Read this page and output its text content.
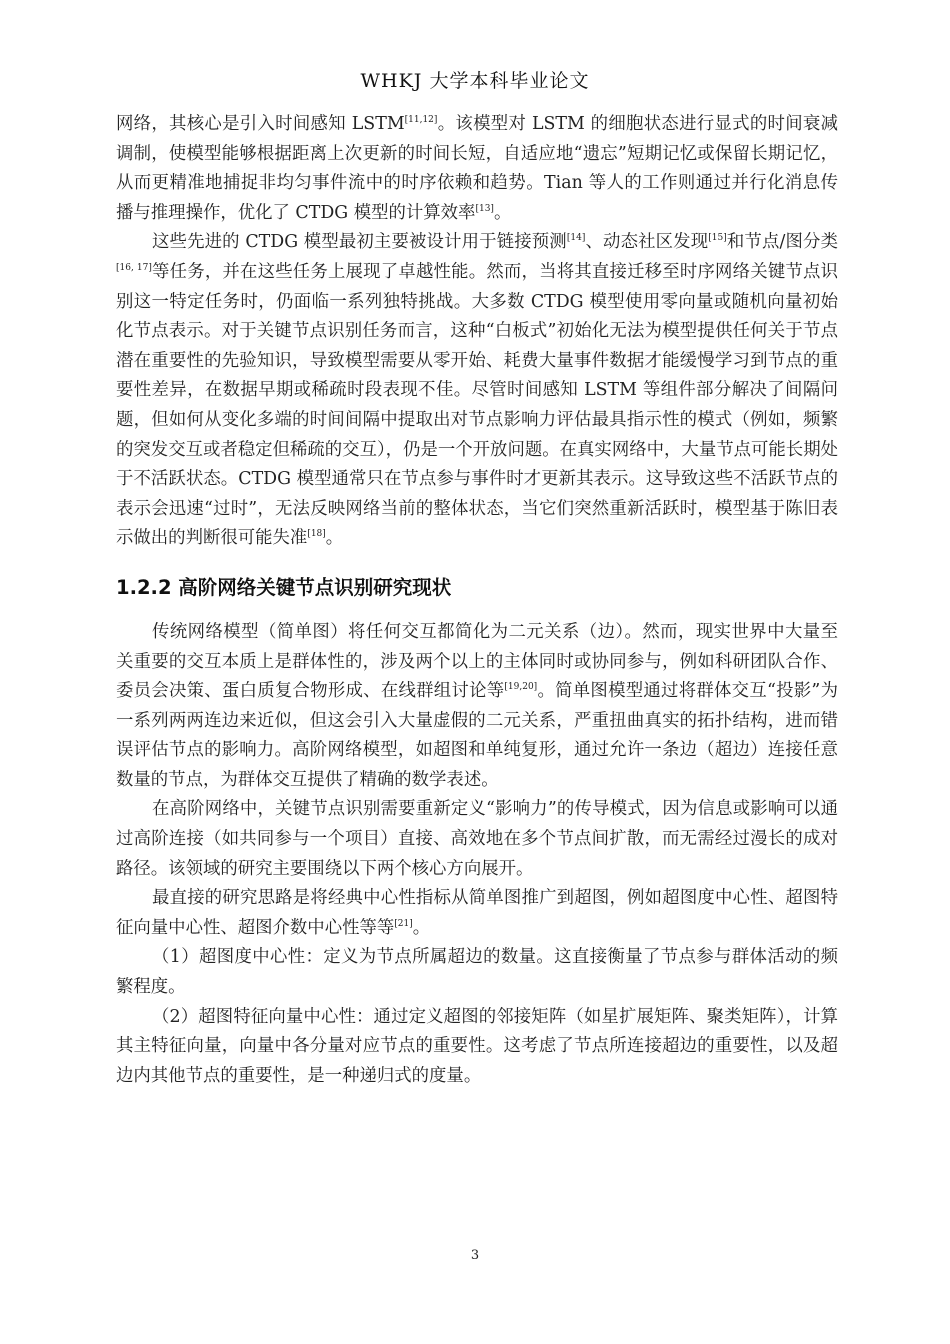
WHKJ 大学本科毕业论文

网络，其核心是引入时间感知 LSTM[11,12]。该模型对 LSTM 的细胞状态进行显式的时间衰减调制，使模型能够根据距离上次更新的时间长短，自适应地“遗忘”短期记忆或保留长期记忆，从而更精准地捕捉非均匀事件流中的时序依赖和趋势。Tian 等人的工作则通过并行化消息传播与推理操作，优化了 CTDG 模型的计算效率[13]。

这些先进的 CTDG 模型最初主要被设计用于链接预测[14]、动态社区发现[15]和节点/图分类[16, 17]等任务，并在这些任务上展现了卓越性能。然而，当将其直接迁移至时序网络关键节点识别这一特定任务时，仍面临一系列独特挑战。大多数 CTDG 模型使用零向量或随机向量初始化节点表示。对于关键节点识别任务而言，这种“白板式”初始化无法为模型提供任何关于节点潜在重要性的先验知识，导致模型需要从零开始、耗费大量事件数据才能缓慢学习到节点的重要性差异，在数据早期或稀疏时段表现不佳。尽管时间感知 LSTM 等组件部分解决了间隔问题，但如何从变化多端的时间间隔中提取出对节点影响力评估最具指示性的模式（例如，频繁的突发交互或者稳定但稀疏的交互），仍是一个开放问题。在真实网络中，大量节点可能长期处于不活跃状态。CTDG 模型通常只在节点参与事件时才更新其表示。这导致这些不活跃节点的表示会迅速“过时”，无法反映网络当前的整体状态，当它们突然重新活跃时，模型基于陈旧表示做出的判断很可能失准[18]。

1.2.2 高阶网络关键节点识别研究现状

传统网络模型（简单图）将任何交互都简化为二元关系（边）。然而，现实世界中大量至关重要的交互本质上是群体性的，涉及两个以上的主体同时或协同参与，例如科研团队合作、委员会决策、蛋白质复合物形成、在线群组讨论等[19,20]。简单图模型通过将群体交互“投影”为一系列两两连边来近似，但这会引入大量虚假的二元关系，严重扭曲真实的拓扑结构，进而错误评估节点的影响力。高阶网络模型，如超图和单纯复形，通过允许一条边（超边）连接任意数量的节点，为群体交互提供了精确的数学表述。

在高阶网络中，关键节点识别需要重新定义“影响力”的传导模式，因为信息或影响可以通过高阶连接（如共同参与一个项目）直接、高效地在多个节点间扩散，而无需经过漫长的成对路径。该领域的研究主要围绕以下两个核心方向展开。

最直接的研究思路是将经典中心性指标从简单图推广到超图，例如超图度中心性、超图特征向量中心性、超图介数中心性等等[21]。

（1）超图度中心性：定义为节点所属超边的数量。这直接衡量了节点参与群体活动的频繁程度。

（2）超图特征向量中心性：通过定义超图的邻接矩阵（如星扩展矩阵、聚类矩阵），计算其主特征向量，向量中各分量对应节点的重要性。这考虑了节点所连接超边的重要性，以及超边内其他节点的重要性，是一种递归式的度量。

3
